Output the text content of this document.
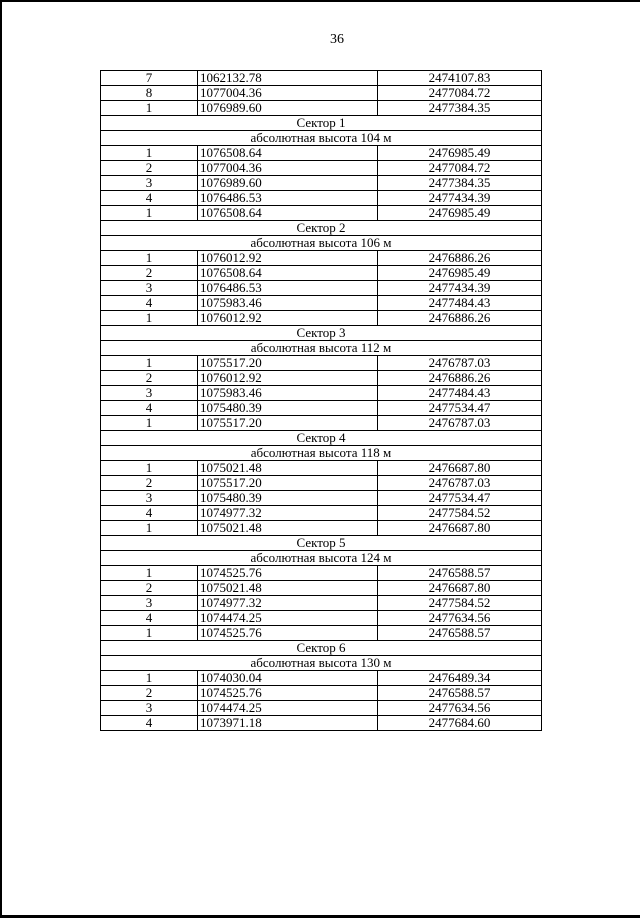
36
7	1062132.78	2474107.83
8	1077004.36	2477084.72
1	1076989.60	2477384.35
Сектор 1		
абсолютная высота 104 м		
1	1076508.64	2476985.49
2	1077004.36	2477084.72
3	1076989.60	2477384.35
4	1076486.53	2477434.39
1	1076508.64	2476985.49
Сектор 2		
абсолютная высота 106 м		
1	1076012.92	2476886.26
2	1076508.64	2476985.49
3	1076486.53	2477434.39
4	1075983.46	2477484.43
1	1076012.92	2476886.26
Сектор 3		
абсолютная высота 112 м		
1	1075517.20	2476787.03
2	1076012.92	2476886.26
3	1075983.46	2477484.43
4	1075480.39	2477534.47
1	1075517.20	2476787.03
Сектор 4		
абсолютная высота 118 м		
1	1075021.48	2476687.80
2	1075517.20	2476787.03
3	1075480.39	2477534.47
4	1074977.32	2477584.52
1	1075021.48	2476687.80
Сектор 5		
абсолютная высота 124 м		
1	1074525.76	2476588.57
2	1075021.48	2476687.80
3	1074977.32	2477584.52
4	1074474.25	2477634.56
1	1074525.76	2476588.57
Сектор 6		
абсолютная высота 130 м		
1	1074030.04	2476489.34
2	1074525.76	2476588.57
3	1074474.25	2477634.56
4	1073971.18	2477684.60
